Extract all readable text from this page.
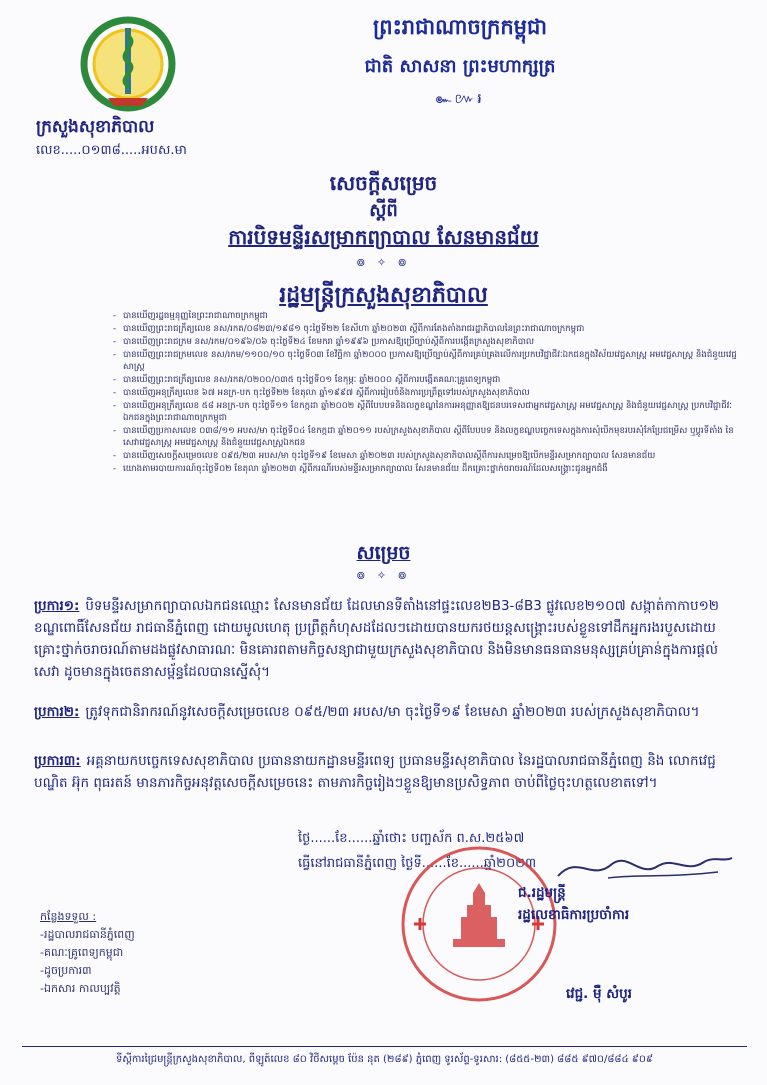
ក្រសួងសុខាភិបាល
លេខ.....០១៣៨.....អបស.មា
ព្រះរាជាណាចក្រកម្ពុជា
ជាតិ សាសនា ព្រះមហាក្សត្រ
๛៚៛
សេចក្ដីសម្រេច
ស្ដីពី
ការបិទមន្ទីរសម្រាកព្យាបាល សែនមានជ័យ
៙ ✧ ៙
រដ្ឋមន្ត្រីក្រសួងសុខាភិបាល
- បានឃើញរដ្ឋធម្មនុញ្ញនៃព្រះរាជាណាចក្រកម្ពុជា
- បានឃើញព្រះរាជក្រឹត្យលេខ នស/រកត/០៨២៣/១៩៨១ ចុះថ្ងៃទី២២ ខែសីហា ឆ្នាំ២០២៣ ស្ដីពីការតែងតាំងរាជរដ្ឋាភិបាលនៃព្រះរាជាណាចក្រកម្ពុជា
- បានឃើញព្រះរាជក្រម នស/រកម/០១៩៦/០៦ ចុះថ្ងៃទី២៤ ខែមករា ឆ្នាំ១៩៩៦ ប្រកាសឱ្យប្រើច្បាប់ស្ដីពីការបង្កើតក្រសួងសុខាភិបាល
- បានឃើញព្រះរាជក្រមលេខ នស/រកម/១១០០/១០ ចុះថ្ងៃទី០៣ ខែវិច្ឆិកា ឆ្នាំ២០០០ ប្រកាសឱ្យប្រើច្បាប់ស្ដីពីការគ្រប់គ្រងលើការប្រកបវិជ្ជាជីវៈឯកជនក្នុងវិស័យវេជ្ជសាស្ត្រ អមវេជ្ជសាស្ត្រ និងជំនួយវេជ្ជសាស្ត្រ
- បានឃើញព្រះរាជក្រឹត្យលេខ នស/រកត/០២០០/០៣៥ ចុះថ្ងៃទី០១ ខែកុម្ភៈ ឆ្នាំ២០០០ ស្ដីពីការបង្កើតគណៈគ្រូពេទ្យកម្ពុជា
- បានឃើញអនុក្រឹត្យលេខ ៦៧ អនក្រ-បក ចុះថ្ងៃទី២២ ខែតុលា ឆ្នាំ១៩៩៧ ស្ដីពីការរៀបចំនិងការប្រព្រឹត្តទៅរបស់ក្រសួងសុខាភិបាល
- បានឃើញអនុក្រឹត្យលេខ ៥៨ អនក្រ-បក ចុះថ្ងៃទី១១ ខែកក្កដា ឆ្នាំ២០០២ ស្ដីពីបែបបទនិងលក្ខខណ្ឌនៃការអនុញ្ញាតឱ្យជនបរទេសជាអ្នកវេជ្ជសាស្ត្រ អមវេជ្ជសាស្ត្រ និងជំនួយវេជ្ជសាស្ត្រ ប្រកបវិជ្ជាជីវៈឯកជនក្នុងព្រះរាជាណាចក្រកម្ពុជា
- បានឃើញប្រកាសលេខ ០៣៨/១១ អបស/មា ចុះថ្ងៃទី០៤ ខែកក្កដា ឆ្នាំ២០១១ របស់ក្រសួងសុខាភិបាល ស្ដីពីបែបបទ និងលក្ខខណ្ឌបច្ចេកទេសក្នុងការសុំបើកមុខរបរសុំកែប្រែជម្រើស ឬប្ដូរទីតាំង នៃសេវាវេជ្ជសាស្ត្រ អមវេជ្ជសាស្ត្រ និងជំនួយវេជ្ជសាស្ត្រឯកជន
- បានឃើញសេចក្ដីសម្រេចលេខ ០៩៥/២៣ អបស/មា ចុះថ្ងៃទី១៩ ខែមេសា ឆ្នាំ២០២៣ របស់ក្រសួងសុខាភិបាលស្ដីពីការសម្រេចឱ្យបើកមន្ទីរសម្រាកព្យាបាល សែនមានជ័យ
- យោងតាមរបាយការណ៍ចុះថ្ងៃទី០២ ខែតុលា ឆ្នាំ២០២៣ ស្ដីពីករណីរបស់មន្ទីរសម្រាកព្យាបាល សែនមានជ័យ ដឹកគ្រោះថ្នាក់ចរាចរណ៍ដែលសង្គ្រោះជូនអ្នកជំងឺ
សម្រេច
៙ ✧ ៙
ប្រការ១: បិទមន្ទីរសម្រាកព្យាបាលឯកជនឈ្មោះ សែនមានជ័យ ដែលមានទីតាំងនៅផ្ទះលេខ២B3-៨B3 ផ្លូវលេខ២១០៧ សង្កាត់កាកាប១២ ខណ្ឌពោធិ៍សែនជ័យ រាជធានីភ្នំពេញ ដោយមូលហេតុ ប្រព្រឹត្តកំហុសដដែលៗដោយបានយករថយន្តសង្គ្រោះរបស់ខ្លួនទៅដឹកអ្នករងរបួសដោយគ្រោះថ្នាក់ចរាចរណ៍តាមដងផ្លូវសាធារណៈ មិនគោរពតាមកិច្ចសន្យាជាមួយក្រសួងសុខាភិបាល និងមិនមានធនធានមនុស្សគ្រប់គ្រាន់ក្នុងការផ្ដល់សេវា ដូចមានក្នុងចេតនាសម្ព័ន្ធដែលបានស្នើសុំ។
ប្រការ២: ត្រូវទុកជានិរាករណ៍នូវសេចក្ដីសម្រេចលេខ ០៩៥/២៣ អបស/មា ចុះថ្ងៃទី១៩ ខែមេសា ឆ្នាំ២០២៣ របស់ក្រសួងសុខាភិបាល។
ប្រការ៣: អគ្គនាយកបច្ចេកទេសសុខាភិបាល ប្រធាននាយកដ្ឋានមន្ទីរពេទ្យ ប្រធានមន្ទីរសុខាភិបាល នៃរដ្ឋបាលរាជធានីភ្នំពេញ និង លោកវេជ្ជបណ្ឌិត អ៊ុក ពុធរតន៍ មានភារកិច្ចអនុវត្តសេចក្ដីសម្រេចនេះ តាមភារកិច្ចរៀងៗខ្លួនឱ្យមានប្រសិទ្ធភាព ចាប់ពីថ្ងៃចុះហត្ថលេខាតទៅ។
ថ្ងៃ......ខែ......ឆ្នាំថោះ បញ្ចស័ក ព.ស.២៥៦៧
ធ្វើនៅរាជធានីភ្នំពេញ ថ្ងៃទី......ខែ......ឆ្នាំ២០២៣
ជ.រដ្ឋមន្ត្រី
រដ្ឋលេខាធិការប្រចាំការ
វេជ្ជ. ម៉ឺ សំបូរ
កន្លែងទទួល :
-រដ្ឋបាលរាជធានីភ្នំពេញ
-គណៈគ្រូពេទ្យកម្ពុជា
-ដូចប្រការ៣
-ឯកសារ កាលប្បវត្តិ
ទីស្ដីការជ្រៃមន្ត្រីក្រសួងសុខាភិបាល, ពីឡូត៍លេខ ៨០ វិថីសម្ដេច ប៉ែន នុត (២៨៩) ភ្នំពេញ ទូរស័ព្ទ-ទូរសារ: (៨៥៥-២៣) ៨៨៥ ៩៧០/៨៨៤ ៩០៩
